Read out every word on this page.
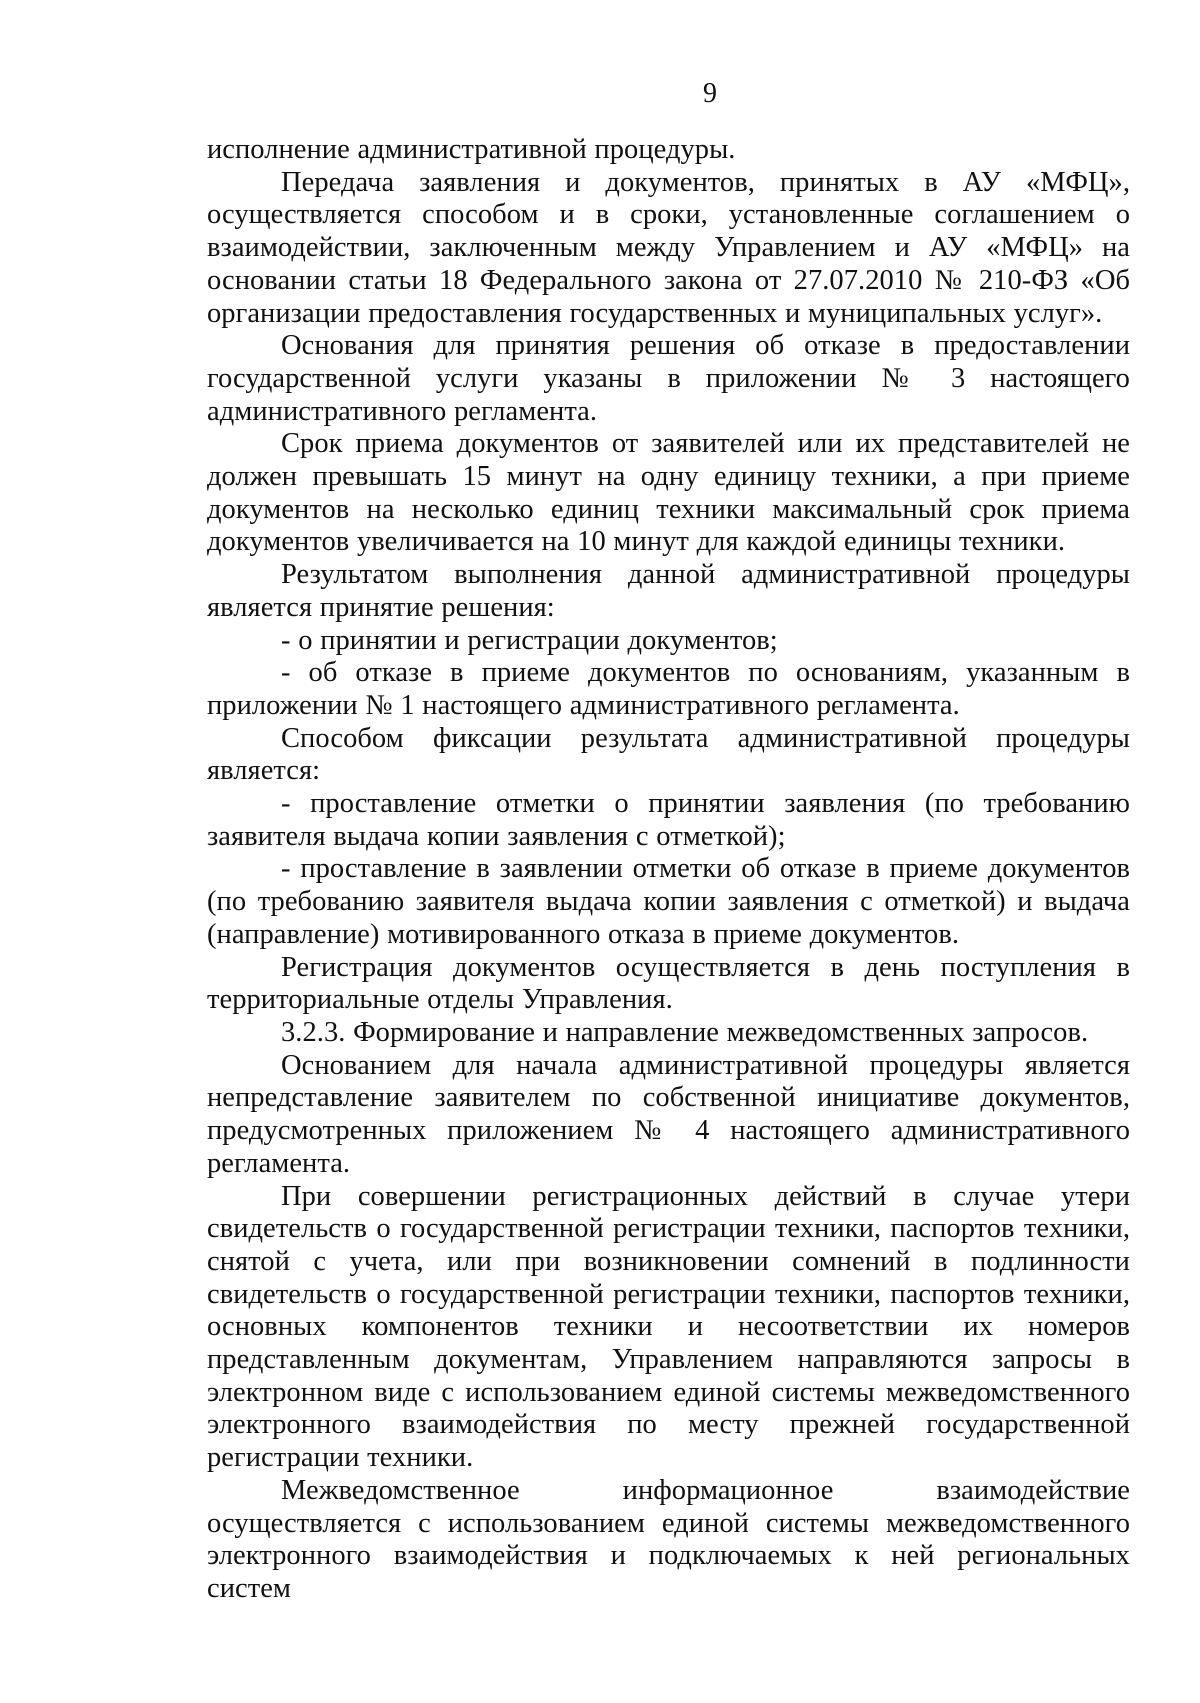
9

исполнение административной процедуры.

Передача заявления и документов, принятых в АУ «МФЦ», осуществляется способом и в сроки, установленные соглашением о взаимодействии, заключенным между Управлением и АУ «МФЦ» на основании статьи 18 Федерального закона от 27.07.2010 № 210-ФЗ «Об организации предоставления государственных и муниципальных услуг».

Основания для принятия решения об отказе в предоставлении государственной услуги указаны в приложении № 3 настоящего административного регламента.

Срок приема документов от заявителей или их представителей не должен превышать 15 минут на одну единицу техники, а при приеме документов на несколько единиц техники максимальный срок приема документов увеличивается на 10 минут для каждой единицы техники.

Результатом выполнения данной административной процедуры является принятие решения:

- о принятии и регистрации документов;

- об отказе в приеме документов по основаниям, указанным в приложении № 1 настоящего административного регламента.

Способом фиксации результата административной процедуры является:

- проставление отметки о принятии заявления (по требованию заявителя выдача копии заявления с отметкой);

- проставление в заявлении отметки об отказе в приеме документов (по требованию заявителя выдача копии заявления с отметкой) и выдача (направление) мотивированного отказа в приеме документов.

Регистрация документов осуществляется в день поступления в территориальные отделы Управления.

3.2.3. Формирование и направление межведомственных запросов.

Основанием для начала административной процедуры является непредставление заявителем по собственной инициативе документов, предусмотренных приложением № 4 настоящего административного регламента.

При совершении регистрационных действий в случае утери свидетельств о государственной регистрации техники, паспортов техники, снятой с учета, или при возникновении сомнений в подлинности свидетельств о государственной регистрации техники, паспортов техники, основных компонентов техники и несоответствии их номеров представленным документам, Управлением направляются запросы в электронном виде с использованием единой системы межведомственного электронного взаимодействия по месту прежней государственной регистрации техники.

Межведомственное информационное взаимодействие осуществляется с использованием единой системы межведомственного электронного взаимодействия и подключаемых к ней региональных систем
